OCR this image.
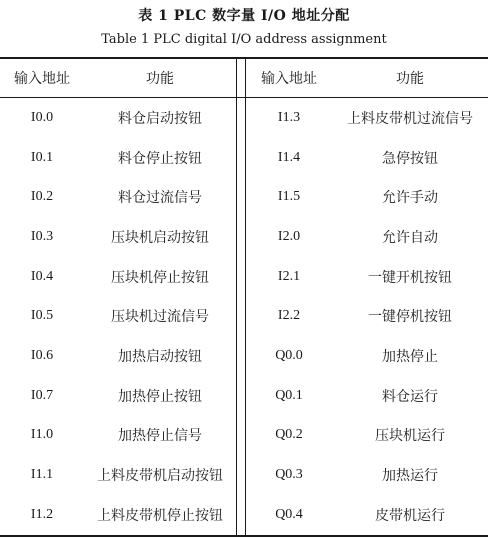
表 1 PLC 数字量 I/O 地址分配
Table 1 PLC digital I/O address assignment
输入地址	功能	输入地址	功能
I0.0	料仓启动按钮	I1.3	上料皮带机过流信号
I0.1	料仓停止按钮	I1.4	急停按钮
I0.2	料仓过流信号	I1.5	允许手动
I0.3	压块机启动按钮	I2.0	允许自动
I0.4	压块机停止按钮	I2.1	一键开机按钮
I0.5	压块机过流信号	I2.2	一键停机按钮
I0.6	加热启动按钮	Q0.0	加热停止
I0.7	加热停止按钮	Q0.1	料仓运行
I1.0	加热停止信号	Q0.2	压块机运行
I1.1	上料皮带机启动按钮	Q0.3	加热运行
I1.2	上料皮带机停止按钮	Q0.4	皮带机运行
